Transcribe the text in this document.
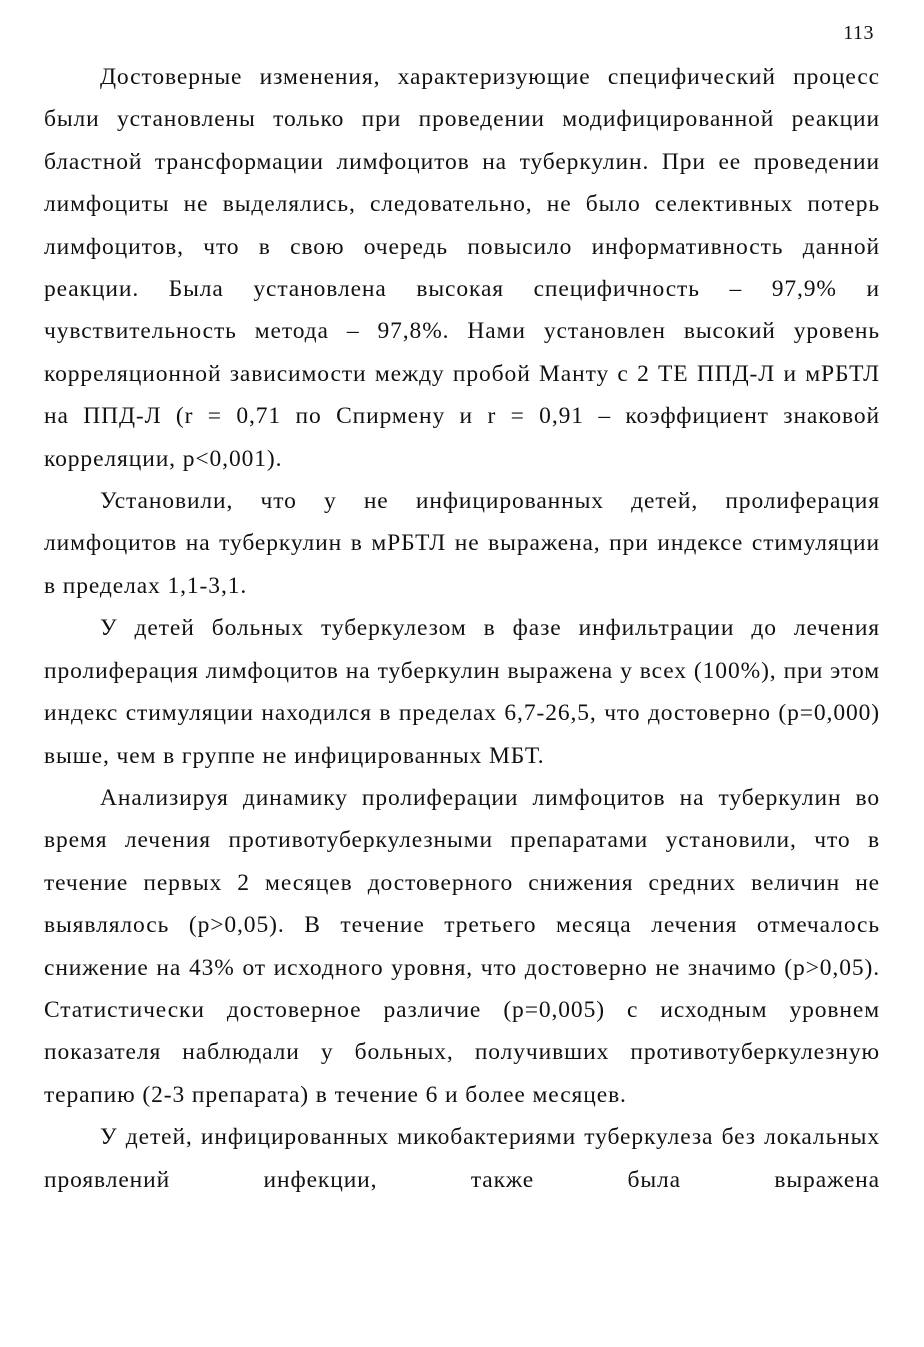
113

Достоверные изменения, характеризующие специфический процесс были установлены только при проведении модифицированной реакции бластной трансформации лимфоцитов на туберкулин. При ее проведении лимфоциты не выделялись, следовательно, не было селективных потерь лимфоцитов, что в свою очередь повысило информативность данной реакции. Была установлена высокая специфичность – 97,9% и чувствительность метода – 97,8%. Нами установлен высокий уровень корреляционной зависимости между пробой Манту с 2 ТЕ ППД-Л и мРБТЛ на ППД-Л (r = 0,71 по Спирмену и r = 0,91 – коэффициент знаковой корреляции, p<0,001).

Установили, что у не инфицированных детей, пролиферация лимфоцитов на туберкулин в мРБТЛ не выражена, при индексе стимуляции в пределах 1,1-3,1.

У детей больных туберкулезом в фазе инфильтрации до лечения пролиферация лимфоцитов на туберкулин выражена у всех (100%), при этом индекс стимуляции находился в пределах 6,7-26,5, что достоверно (р=0,000) выше, чем в группе не инфицированных МБТ.

Анализируя динамику пролиферации лимфоцитов на туберкулин во время лечения противотуберкулезными препаратами установили, что в течение первых 2 месяцев достоверного снижения средних величин не выявлялось (р>0,05). В течение третьего месяца лечения отмечалось снижение на 43% от исходного уровня, что достоверно не значимо (р>0,05). Статистически достоверное различие (р=0,005) с исходным уровнем показателя наблюдали у больных, получивших противотуберкулезную терапию (2-3 препарата) в течение 6 и более месяцев.

У детей, инфицированных микобактериями туберкулеза без локальных проявлений инфекции, также была выражена
